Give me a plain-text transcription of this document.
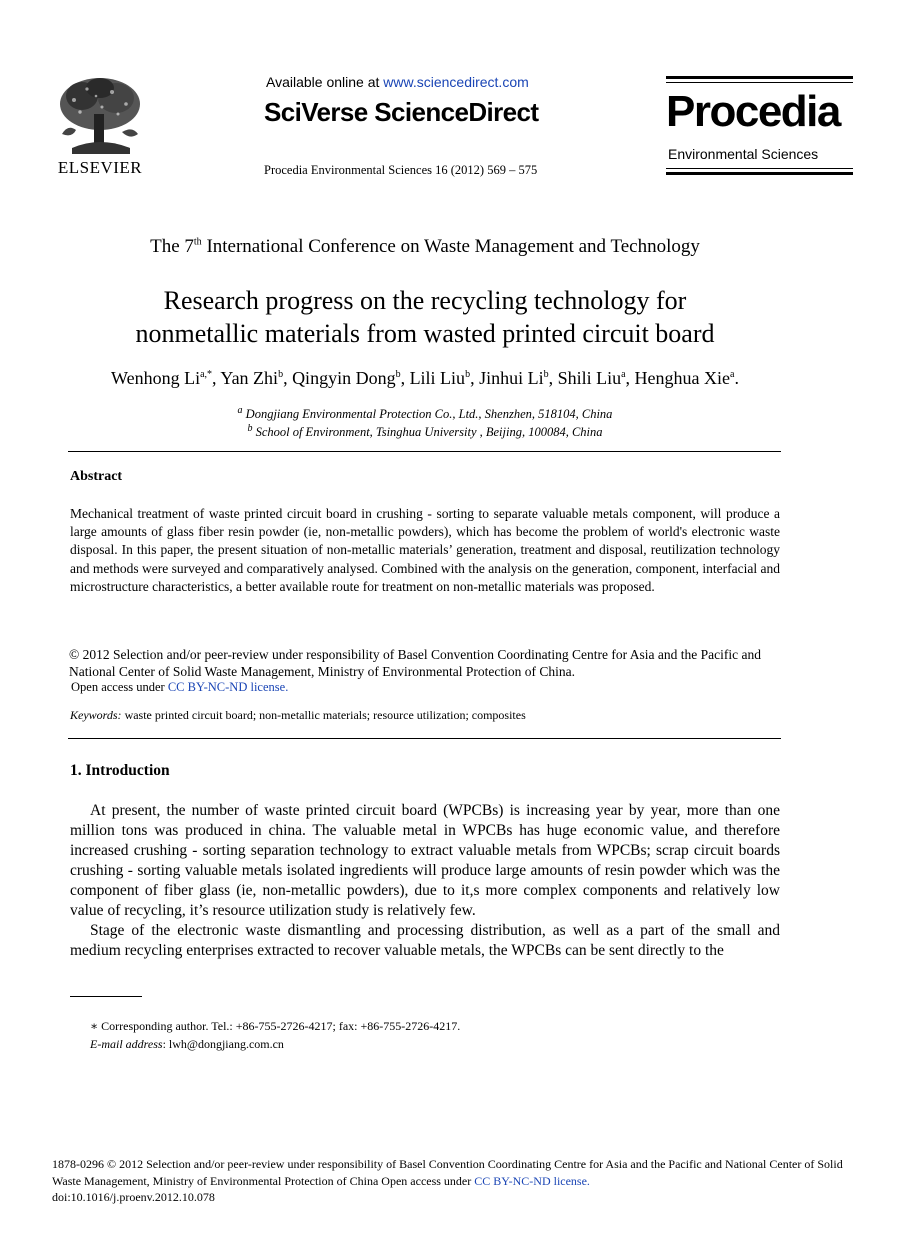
ELSEVIER
Available online at www.sciencedirect.com
SciVerse ScienceDirect
Procedia Environmental Sciences 16 (2012) 569 – 575
Procedia
Environmental Sciences
The 7th International Conference on Waste Management and Technology
Research progress on the recycling technology for
nonmetallic materials from wasted printed circuit board
Wenhong $Li^{a,*}$, Yan Zhi$^b$, Qingyin Dong$^b$, Lili Liu$^b$, Jinhui Li$^b$, Shili Liu$^a$, Henghua Xie$^a$.
$^a$ Dongjiang Environmental Protection Co., Ltd., Shenzhen, 518104, China
$^b$ School of Environment, Tsinghua University , Beijing, 100084, China
Abstract
Mechanical treatment of waste printed circuit board in crushing - sorting to separate valuable metals component, will produce a large amounts of glass fiber resin powder (ie, non-metallic powders), which has become the problem of world's electronic waste disposal. In this paper, the present situation of non-metallic materials’ generation, treatment and disposal, reutilization technology and methods were surveyed and comparatively analysed. Combined with the analysis on the generation, component, interfacial and microstructure characteristics, a better available route for treatment on non-metallic materials was proposed.
© 2012 Selection and/or peer-review under responsibility of Basel Convention Coordinating Centre for Asia and the Pacific and National Center of Solid Waste Management, Ministry of Environmental Protection of China.
Open access under CC BY-NC-ND license.
Keywords: waste printed circuit board; non-metallic materials; resource utilization; composites
1. Introduction

At present, the number of waste printed circuit board (WPCBs) is increasing year by year, more than one million tons was produced in china. The valuable metal in WPCBs has huge economic value, and therefore increased crushing - sorting separation technology to extract valuable metals from WPCBs; scrap circuit boards crushing - sorting valuable metals isolated ingredients will produce large amounts of resin powder which was the component of fiber glass (ie, non-metallic powders), due to it,s more complex components and relatively low value of recycling, it’s resource utilization study is relatively few.

Stage of the electronic waste dismantling and processing distribution, as well as a part of the small and medium recycling enterprises extracted to recover valuable metals, the WPCBs can be sent directly to the

∗ Corresponding author. Tel.: +86-755-2726-4217; fax: +86-755-2726-4217.
E-mail address: lwh@dongjiang.com.cn
1878-0296 © 2012 Selection and/or peer-review under responsibility of Basel Convention Coordinating Centre for Asia and the Pacific and National Center of Solid Waste Management, Ministry of Environmental Protection of China Open access under CC BY-NC-ND license.
doi:10.1016/j.proenv.2012.10.078
